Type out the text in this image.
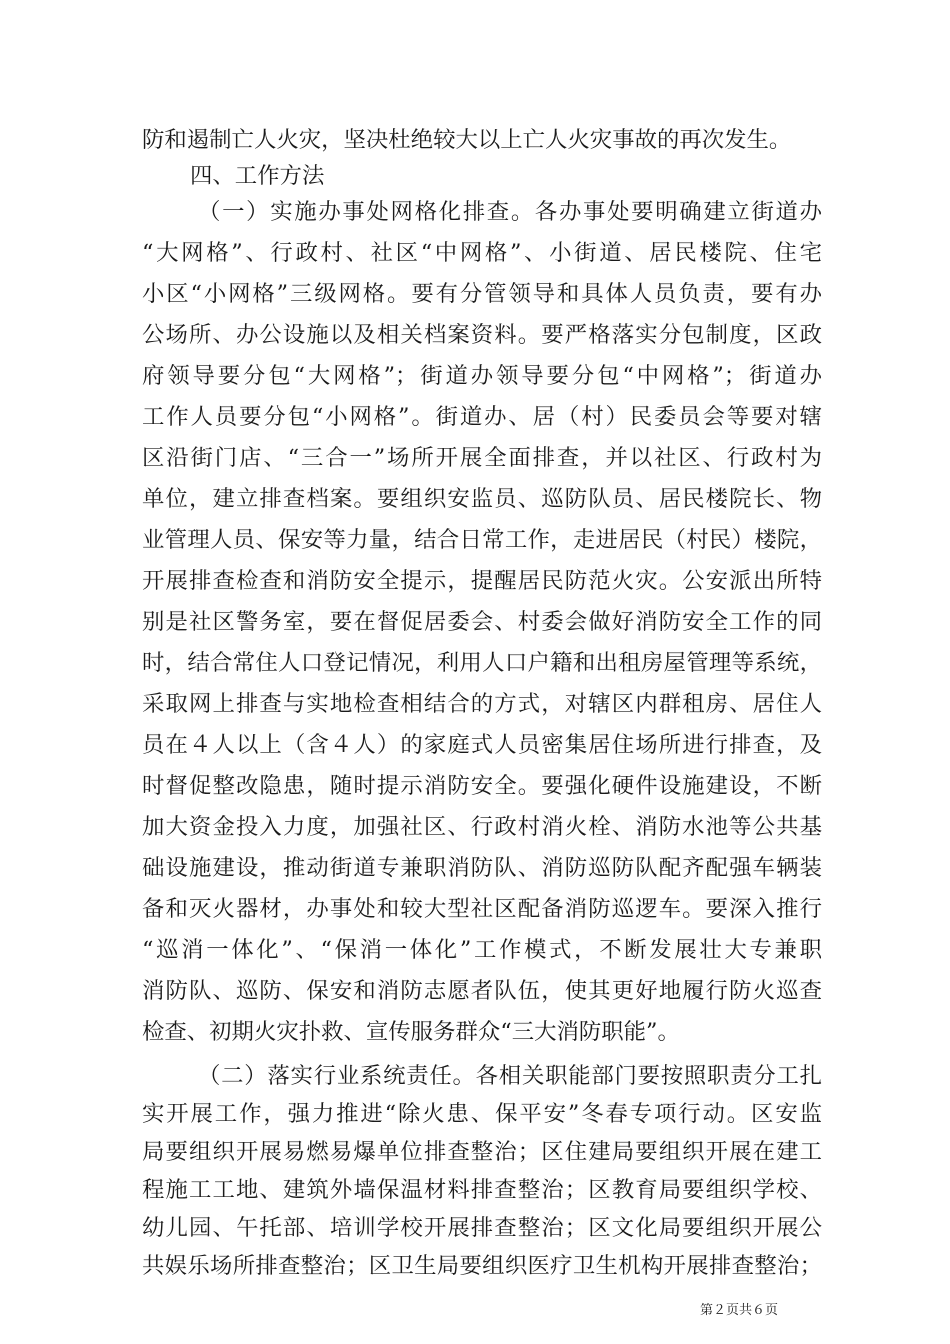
防和遏制亡人火灾，坚决杜绝较大以上亡人火灾事故的再次发生。
四、工作方法
（一）实施办事处网格化排查。各办事处要明确建立街道办
“大网格”、行政村、社区“中网格”、小街道、居民楼院、住宅
小区“小网格”三级网格。要有分管领导和具体人员负责，要有办
公场所、办公设施以及相关档案资料。要严格落实分包制度，区政
府领导要分包“大网格”；街道办领导要分包“中网格”；街道办
工作人员要分包“小网格”。街道办、居（村）民委员会等要对辖
区沿街门店、“三合一”场所开展全面排查，并以社区、行政村为
单位，建立排查档案。要组织安监员、巡防队员、居民楼院长、物
业管理人员、保安等力量，结合日常工作，走进居民（村民）楼院，
开展排查检查和消防安全提示，提醒居民防范火灾。公安派出所特
别是社区警务室，要在督促居委会、村委会做好消防安全工作的同
时，结合常住人口登记情况，利用人口户籍和出租房屋管理等系统，
采取网上排查与实地检查相结合的方式，对辖区内群租房、居住人
员在４人以上（含４人）的家庭式人员密集居住场所进行排查，及
时督促整改隐患，随时提示消防安全。要强化硬件设施建设，不断
加大资金投入力度，加强社区、行政村消火栓、消防水池等公共基
础设施建设，推动街道专兼职消防队、消防巡防队配齐配强车辆装
备和灭火器材，办事处和较大型社区配备消防巡逻车。要深入推行
“巡消一体化”、“保消一体化”工作模式，不断发展壮大专兼职
消防队、巡防、保安和消防志愿者队伍，使其更好地履行防火巡查
检查、初期火灾扑救、宣传服务群众“三大消防职能”。
（二）落实行业系统责任。各相关职能部门要按照职责分工扎
实开展工作，强力推进“除火患、保平安”冬春专项行动。区安监
局要组织开展易燃易爆单位排查整治；区住建局要组织开展在建工
程施工工地、建筑外墙保温材料排查整治；区教育局要组织学校、
幼儿园、午托部、培训学校开展排查整治；区文化局要组织开展公
共娱乐场所排查整治；区卫生局要组织医疗卫生机构开展排查整治；
第２页共６页
